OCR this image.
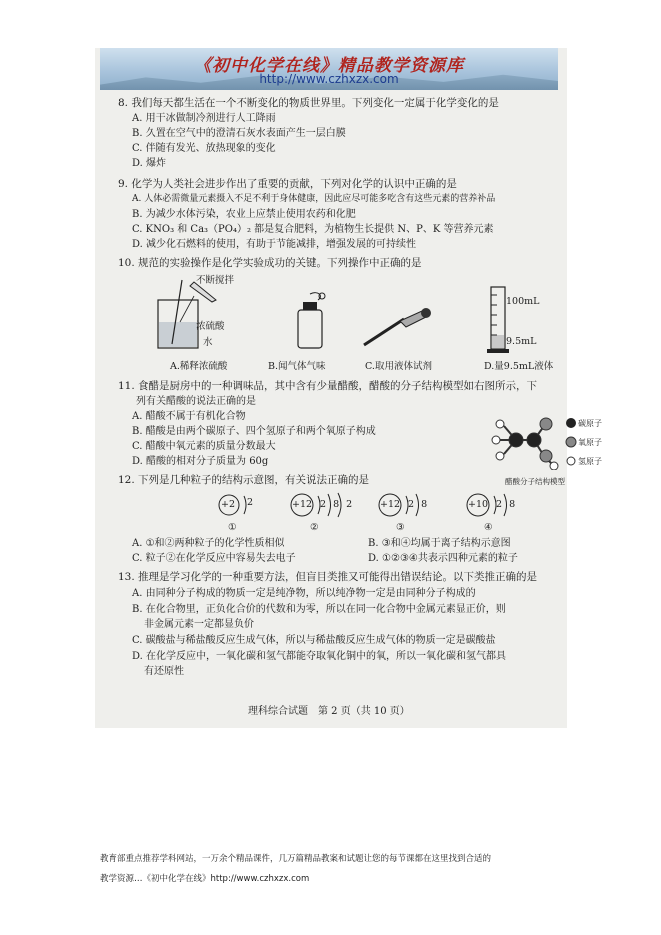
《初中化学在线》精品教学资源库
http://www.czhxzx.com
8. 我们每天都生活在一个不断变化的物质世界里。下列变化一定属于化学变化的是
A. 用干冰做制冷剂进行人工降雨
B. 久置在空气中的澄清石灰水表面产生一层白膜
C. 伴随有发光、放热现象的变化
D. 爆炸
9. 化学为人类社会进步作出了重要的贡献，下列对化学的认识中正确的是
A. 人体必需微量元素摄入不足不利于身体健康，因此应尽可能多吃含有这些元素的营养补品
B. 为减少水体污染，农业上应禁止使用农药和化肥
C. KNO₃ 和 Ca₃（PO₄）₂ 都是复合肥料，为植物生长提供 N、P、K 等营养元素
D. 减少化石燃料的使用，有助于节能减排，增强发展的可持续性
10. 规范的实验操作是化学实验成功的关键。下列操作中正确的是
不断搅拌
浓硫酸
水
100mL
9.5mL
A.稀释浓硫酸	B.闻气体气味	C.取用液体试剂	D.量9.5mL液体
11. 食醋是厨房中的一种调味品，其中含有少量醋酸，醋酸的分子结构模型如右图所示，下
列有关醋酸的说法正确的是
A. 醋酸不属于有机化合物
B. 醋酸是由两个碳原子、四个氢原子和两个氧原子构成
C. 醋酸中氧元素的质量分数最大
D. 醋酸的相对分子质量为 60g
碳原子
氧原子
氢原子
醋酸分子结构模型
12. 下列是几种粒子的结构示意图，有关说法正确的是
+2 2
①
+12 2 8 2
②
+12 2 8
③
+10 2 8
④
A. ①和②两种粒子的化学性质相似	B. ③和④均属于离子结构示意图
C. 粒子②在化学反应中容易失去电子	D. ①②③④共表示四种元素的粒子
13. 推理是学习化学的一种重要方法，但盲目类推又可能得出错误结论。以下类推正确的是
A. 由同种分子构成的物质一定是纯净物，所以纯净物一定是由同种分子构成的
B. 在化合物里，正负化合价的代数和为零，所以在同一化合物中金属元素显正价，则
非金属元素一定都显负价
C. 碳酸盐与稀盐酸反应生成气体，所以与稀盐酸反应生成气体的物质一定是碳酸盐
D. 在化学反应中，一氧化碳和氢气都能夺取氧化铜中的氧，所以一氧化碳和氢气都具
有还原性
理科综合试题　第 2 页（共 10 页）
教育部重点推荐学科网站，一万余个精品课件，几万篇精品教案和试题让您的每节课都在这里找到合适的
教学资源…《初中化学在线》http://www.czhxzx.com
